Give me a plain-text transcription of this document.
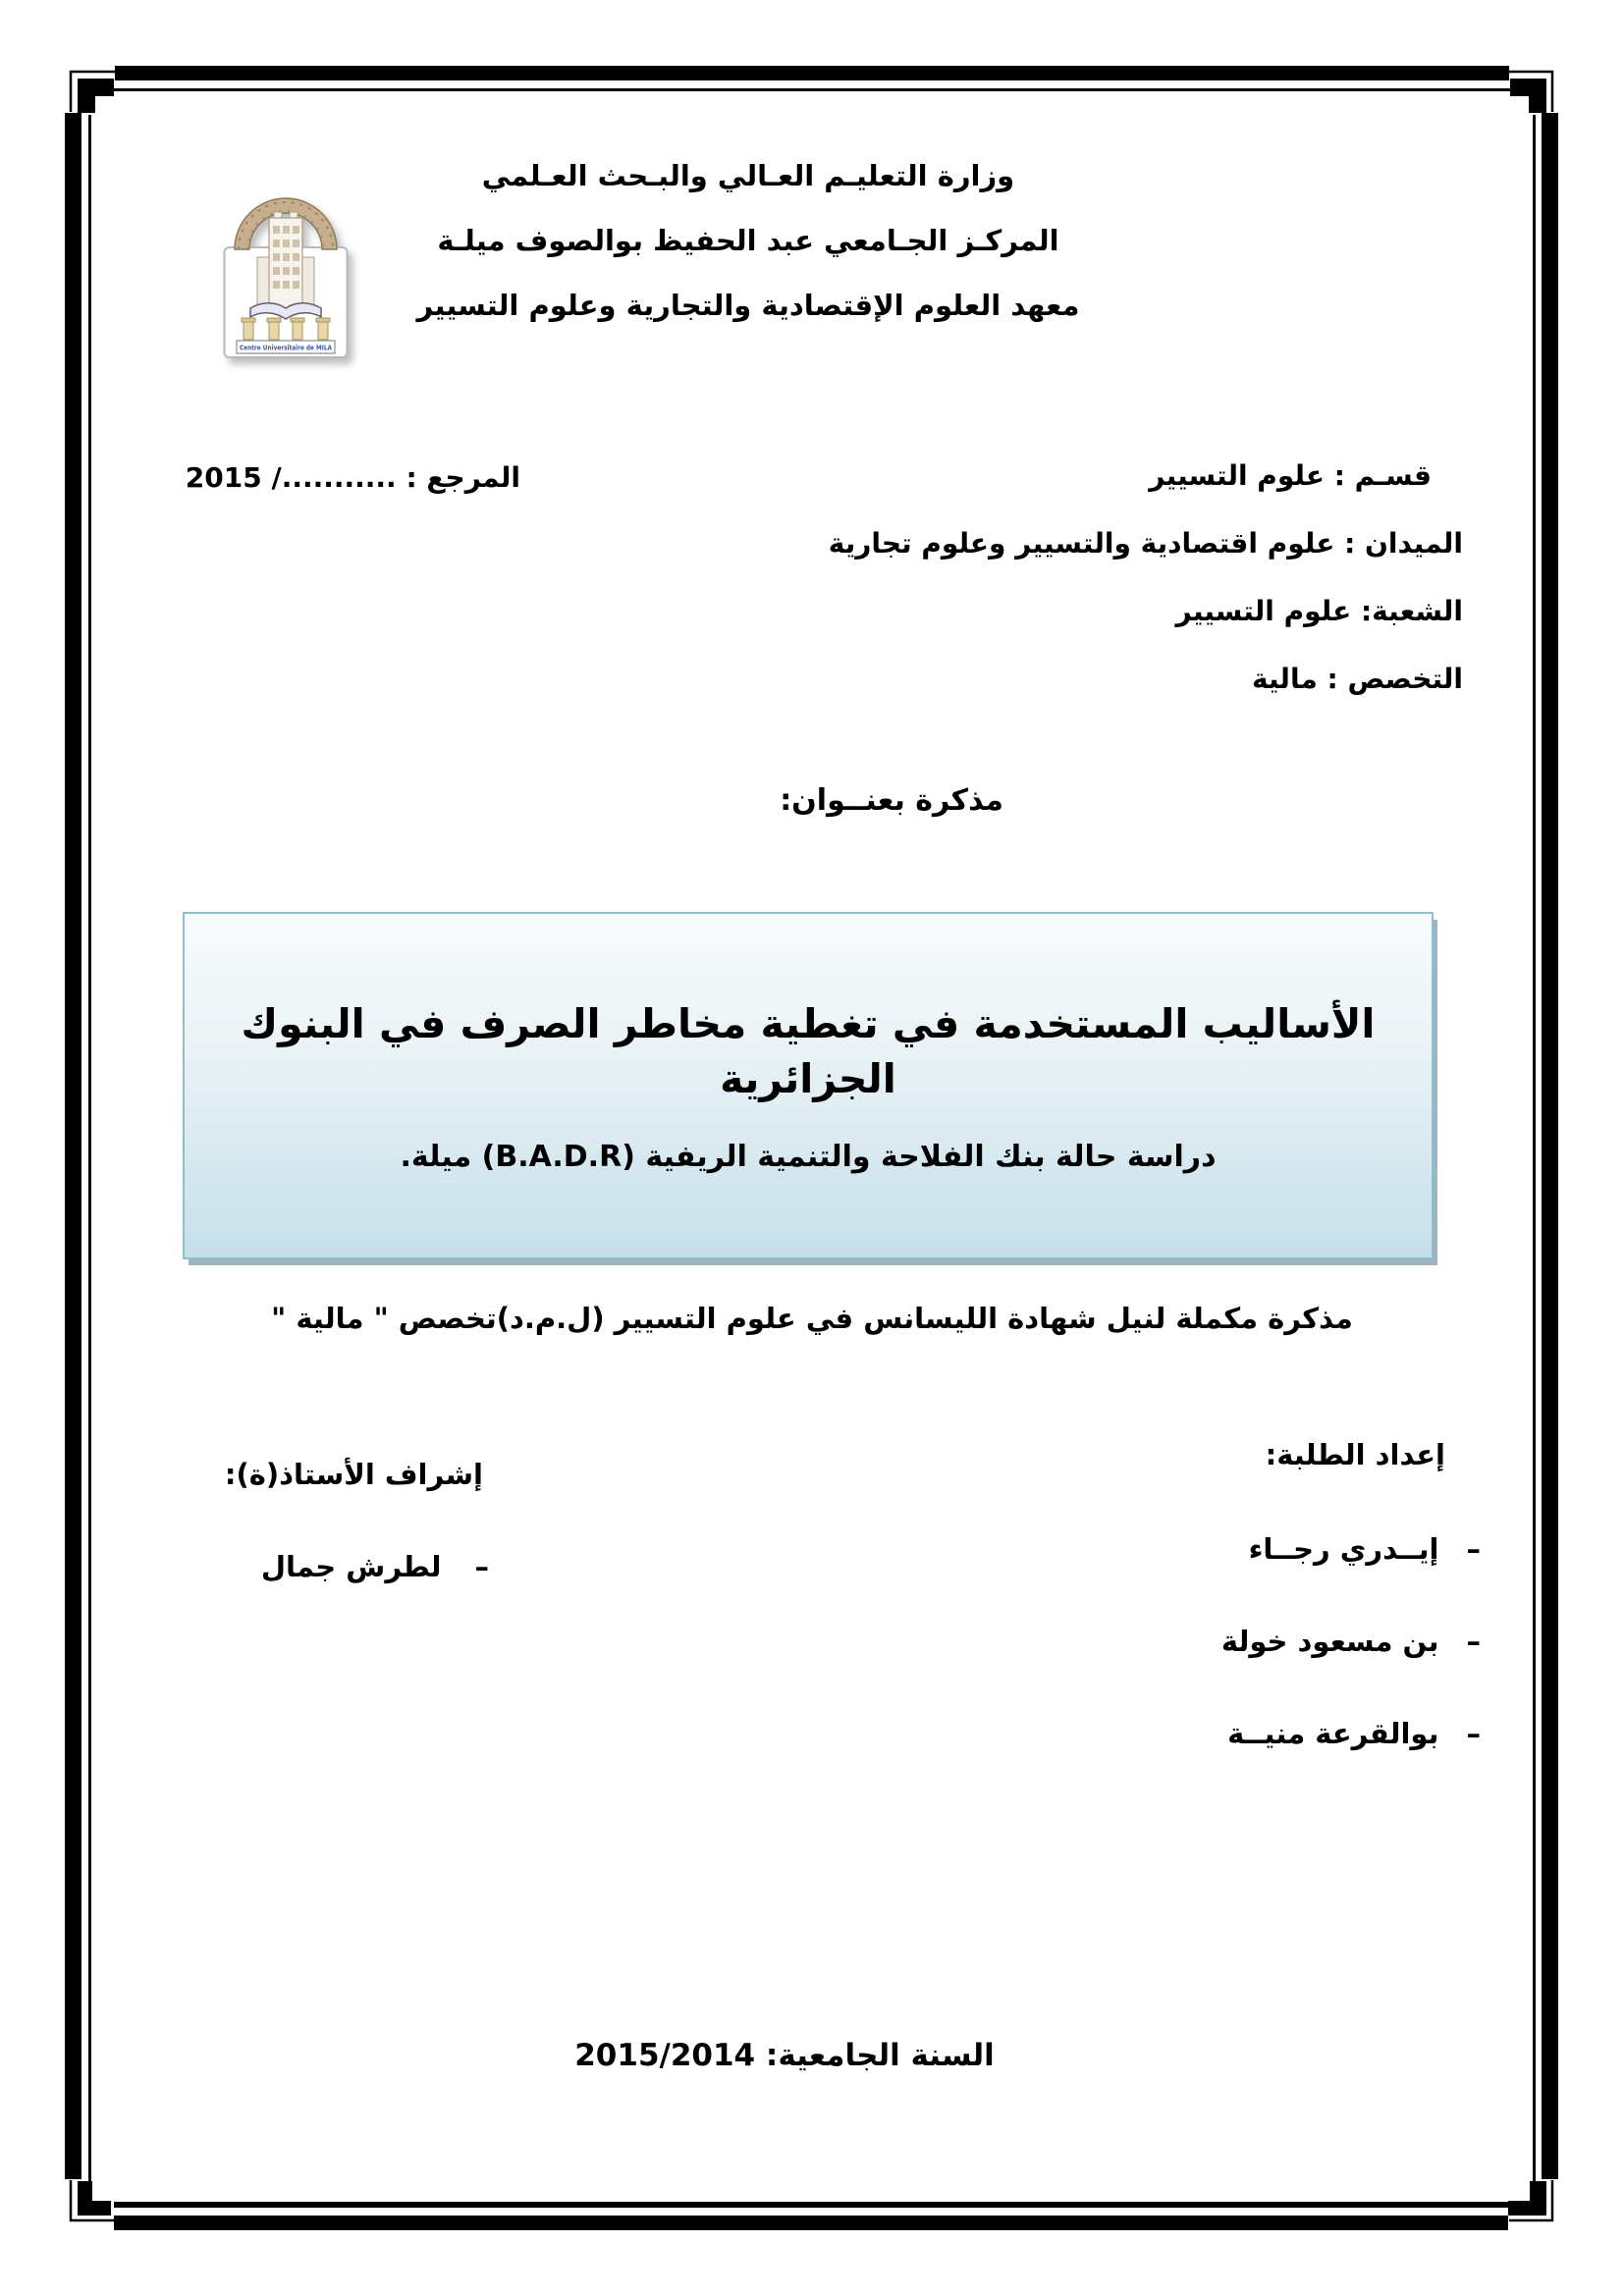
Centre Universitaire de MILA
وزارة التعليـم العـالي والبـحث العـلمي
المركـز الجـامعي عبد الحفيظ بوالصوف ميلـة
معهد العلوم الإقتصادية والتجارية وعلوم التسيير
قسـم : علوم التسيير
الميدان : علوم اقتصادية والتسيير وعلوم تجارية
الشعبة: علوم التسيير
التخصص : مالية
المرجع : .........../ 2015
مذكرة بعنــوان:
الأساليب المستخدمة في تغطية مخاطر الصرف في البنوك الجزائرية
دراسة حالة بنك الفلاحة والتنمية الريفية (B.A.D.R) ميلة.
مذكرة مكملة لنيل شهادة الليسانس في علوم التسيير (ل.م.د)تخصص " مالية "
إعداد الطلبة:
–
إيــدري رجــاء
–
بن مسعود خولة
–
بوالقرعة منيــة
إشراف الأستاذ(ة):
–
لطرش جمال
السنة الجامعية: 2015/2014
